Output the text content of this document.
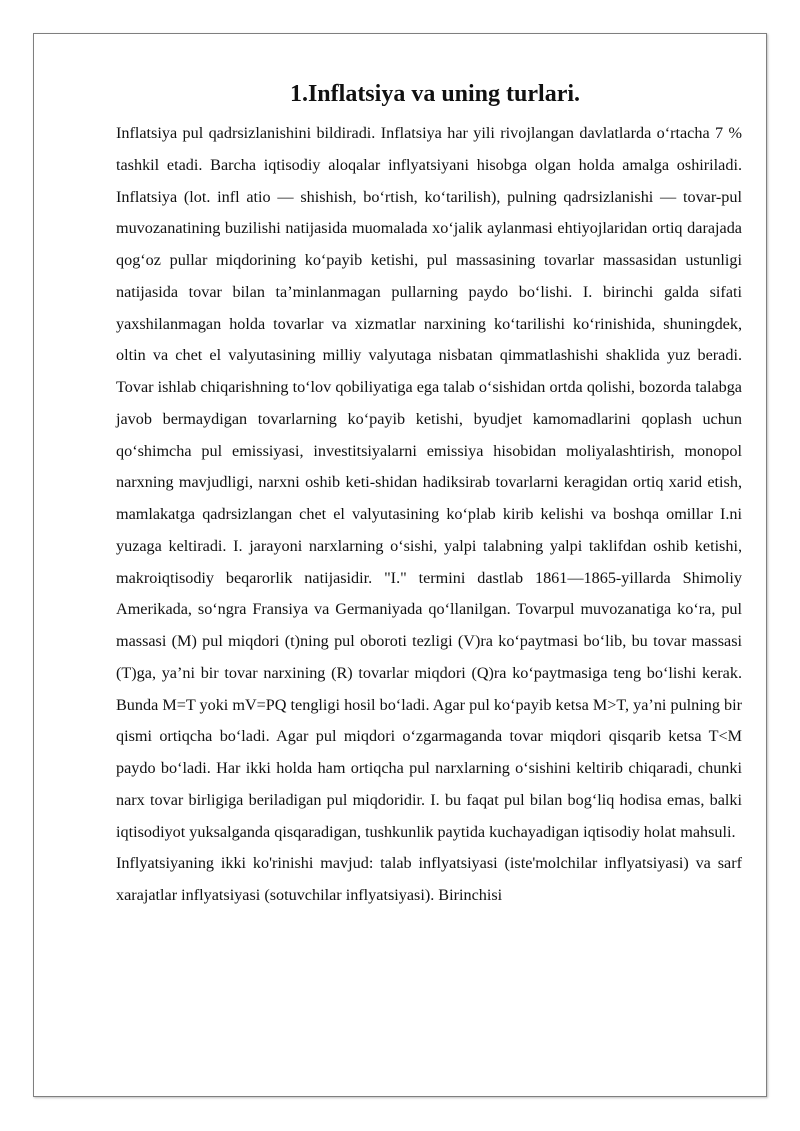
1.Inflatsiya va uning turlari.

Inflatsiya pul qadrsizlanishini bildiradi. Inflatsiya har yili rivojlangan davlatlarda o‘rtacha 7 % tashkil etadi. Barcha iqtisodiy aloqalar inflyatsiyani hisobga olgan holda amalga oshiriladi. Inflatsiya (lot. infl atio — shishish, bo‘rtish, ko‘tarilish), pulning qadrsizlanishi — tovar-pul muvozanatining buzilishi natijasida muomalada xo‘jalik aylanmasi ehtiyojlaridan ortiq darajada qog‘oz pullar miqdorining ko‘payib ketishi, pul massasining tovarlar massasidan ustunligi natijasida tovar bilan ta’minlanmagan pullarning paydo bo‘lishi. I. birinchi galda sifati yaxshilanmagan holda tovarlar va xizmatlar narxining ko‘tarilishi ko‘rinishida, shuningdek, oltin va chet el valyutasining milliy valyutaga nisbatan qimmatlashishi shaklida yuz beradi. Tovar ishlab chiqarishning to‘lov qobiliyatiga ega talab o‘sishidan ortda qolishi, bozorda talabga javob bermaydigan tovarlarning ko‘payib ketishi, byudjet kamomadlarini qoplash uchun qo‘shimcha pul emissiyasi, investitsiyalarni emissiya hisobidan moliyalashtirish, monopol narxning mavjudligi, narxni oshib keti-shidan hadiksirab tovarlarni keragidan ortiq xarid etish, mamlakatga qadrsizlangan chet el valyutasining ko‘plab kirib kelishi va boshqa omillar I.ni yuzaga keltiradi. I. jarayoni narxlarning o‘sishi, yalpi talabning yalpi taklifdan oshib ketishi, makroiqtisodiy beqarorlik natijasidir. "I." termini dastlab 1861—1865-yillarda Shimoliy Amerikada, so‘ngra Fransiya va Germaniyada qo‘llanilgan. Tovarpul muvozanatiga ko‘ra, pul massasi (M) pul miqdori (t)ning pul oboroti tezligi (V)ra ko‘paytmasi bo‘lib, bu tovar massasi (T)ga, ya’ni bir tovar narxining (R) tovarlar miqdori (Q)ra ko‘paytmasiga teng bo‘lishi kerak. Bunda M=T yoki mV=PQ tengligi hosil bo‘ladi. Agar pul ko‘payib ketsa M>T, ya’ni pulning bir qismi ortiqcha bo‘ladi. Agar pul miqdori o‘zgarmaganda tovar miqdori qisqarib ketsa T<M paydo bo‘ladi. Har ikki holda ham ortiqcha pul narxlarning o‘sishini keltirib chiqaradi, chunki narx tovar birligiga beriladigan pul miqdoridir. I. bu faqat pul bilan bog‘liq hodisa emas, balki iqtisodiyot yuksalganda qisqaradigan, tushkunlik paytida kuchayadigan iqtisodiy holat mahsuli.

Inflyatsiyaning ikki ko'rinishi mavjud: talab inflyatsiyasi (iste'molchilar inflyatsiyasi) va sarf xarajatlar inflyatsiyasi (sotuvchilar inflyatsiyasi). Birinchisi
